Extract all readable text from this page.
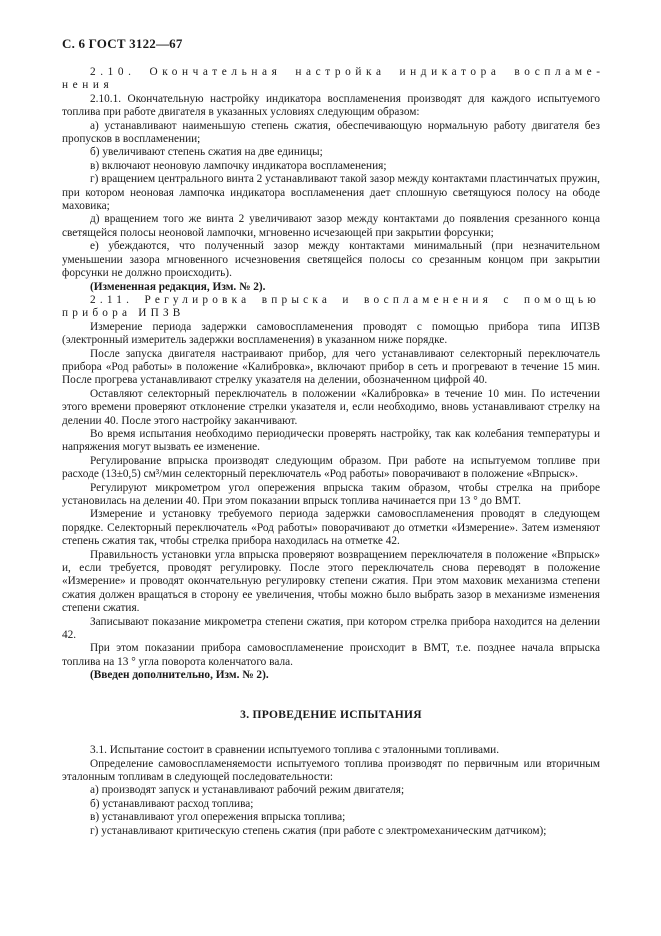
С. 6 ГОСТ 3122—67

2.10. Окончательная настройка индикатора воспламенения

2.10.1. Окончательную настройку индикатора воспламенения производят для каждого испытуемого топлива при работе двигателя в указанных условиях следующим образом:

а) устанавливают наименьшую степень сжатия, обеспечивающую нормальную работу двигателя без пропусков в воспламенении;

б) увеличивают степень сжатия на две единицы;

в) включают неоновую лампочку индикатора воспламенения;

г) вращением центрального винта 2 устанавливают такой зазор между контактами пластинчатых пружин, при котором неоновая лампочка индикатора воспламенения дает сплошную светящуюся полосу на ободе маховика;

д) вращением того же винта 2 увеличивают зазор между контактами до появления срезанного конца светящейся полосы неоновой лампочки, мгновенно исчезающей при закрытии форсунки;

е) убеждаются, что полученный зазор между контактами минимальный (при незначительном уменьшении зазора мгновенного исчезновения светящейся полосы со срезанным концом при закрытии форсунки не должно происходить).

(Измененная редакция, Изм. № 2).

2.11. Регулировка впрыска и воспламенения с помощью прибора ИПЗВ

Измерение периода задержки самовоспламенения проводят с помощью прибора типа ИПЗВ (электронный измеритель задержки воспламенения) в указанном ниже порядке.

После запуска двигателя настраивают прибор, для чего устанавливают селекторный переключатель прибора «Род работы» в положение «Калибровка», включают прибор в сеть и прогревают в течение 15 мин. После прогрева устанавливают стрелку указателя на делении, обозначенном цифрой 40.

Оставляют селекторный переключатель в положении «Калибровка» в течение 10 мин. По истечении этого времени проверяют отклонение стрелки указателя и, если необходимо, вновь устанавливают стрелку на делении 40. После этого настройку заканчивают.

Во время испытания необходимо периодически проверять настройку, так как колебания температуры и напряжения могут вызвать ее изменение.

Регулирование впрыска производят следующим образом. При работе на испытуемом топливе при расходе (13±0,5) см³/мин селекторный переключатель «Род работы» поворачивают в положение «Впрыск».

Регулируют микрометром угол опережения впрыска таким образом, чтобы стрелка на приборе установилась на делении 40. При этом показании впрыск топлива начинается при 13 ° до ВМТ.

Измерение и установку требуемого периода задержки самовоспламенения проводят в следующем порядке. Селекторный переключатель «Род работы» поворачивают до отметки «Измерение». Затем изменяют степень сжатия так, чтобы стрелка прибора находилась на отметке 42.

Правильность установки угла впрыска проверяют возвращением переключателя в положение «Впрыск» и, если требуется, проводят регулировку. После этого переключатель снова переводят в положение «Измерение» и проводят окончательную регулировку степени сжатия. При этом маховик механизма степени сжатия должен вращаться в сторону ее увеличения, чтобы можно было выбрать зазор в механизме изменения степени сжатия.

Записывают показание микрометра степени сжатия, при котором стрелка прибора находится на делении 42.

При этом показании прибора самовоспламенение происходит в ВМТ, т.е. позднее начала впрыска топлива на 13 ° угла поворота коленчатого вала.

(Введен дополнительно, Изм. № 2).

3. ПРОВЕДЕНИЕ ИСПЫТАНИЯ

3.1. Испытание состоит в сравнении испытуемого топлива с эталонными топливами.

Определение самовоспламеняемости испытуемого топлива производят по первичным или вторичным эталонным топливам в следующей последовательности:

а) производят запуск и устанавливают рабочий режим двигателя;

б) устанавливают расход топлива;

в) устанавливают угол опережения впрыска топлива;

г) устанавливают критическую степень сжатия (при работе с электромеханическим датчиком);
